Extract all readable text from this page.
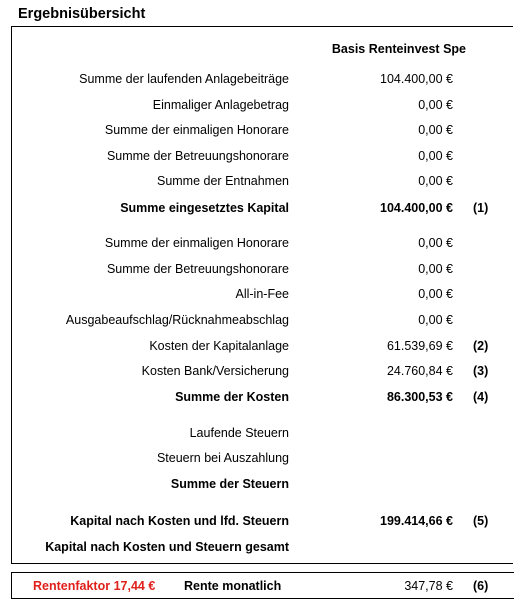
Ergebnisübersicht
Basis Renteinvest Spe
Summe der laufenden Anlagebeiträge	104.400,00 €
Einmaliger Anlagebetrag	0,00 €
Summe der einmaligen Honorare	0,00 €
Summe der Betreuungshonorare	0,00 €
Summe der Entnahmen	0,00 €
Summe eingesetztes Kapital	104.400,00 € (1)
Summe der einmaligen Honorare	0,00 €
Summe der Betreuungshonorare	0,00 €
All-in-Fee	0,00 €
Ausgabeaufschlag/Rücknahmeabschlag	0,00 €
Kosten der Kapitalanlage	61.539,69 € (2)
Kosten Bank/Versicherung	24.760,84 € (3)
Summe der Kosten	86.300,53 € (4)
Laufende Steuern
Steuern bei Auszahlung
Summe der Steuern
Kapital nach Kosten und lfd. Steuern	199.414,66 € (5)
Kapital nach Kosten und Steuern gesamt
Rentenfaktor 17,44 € Rente monatlich	347,78 € (6)
